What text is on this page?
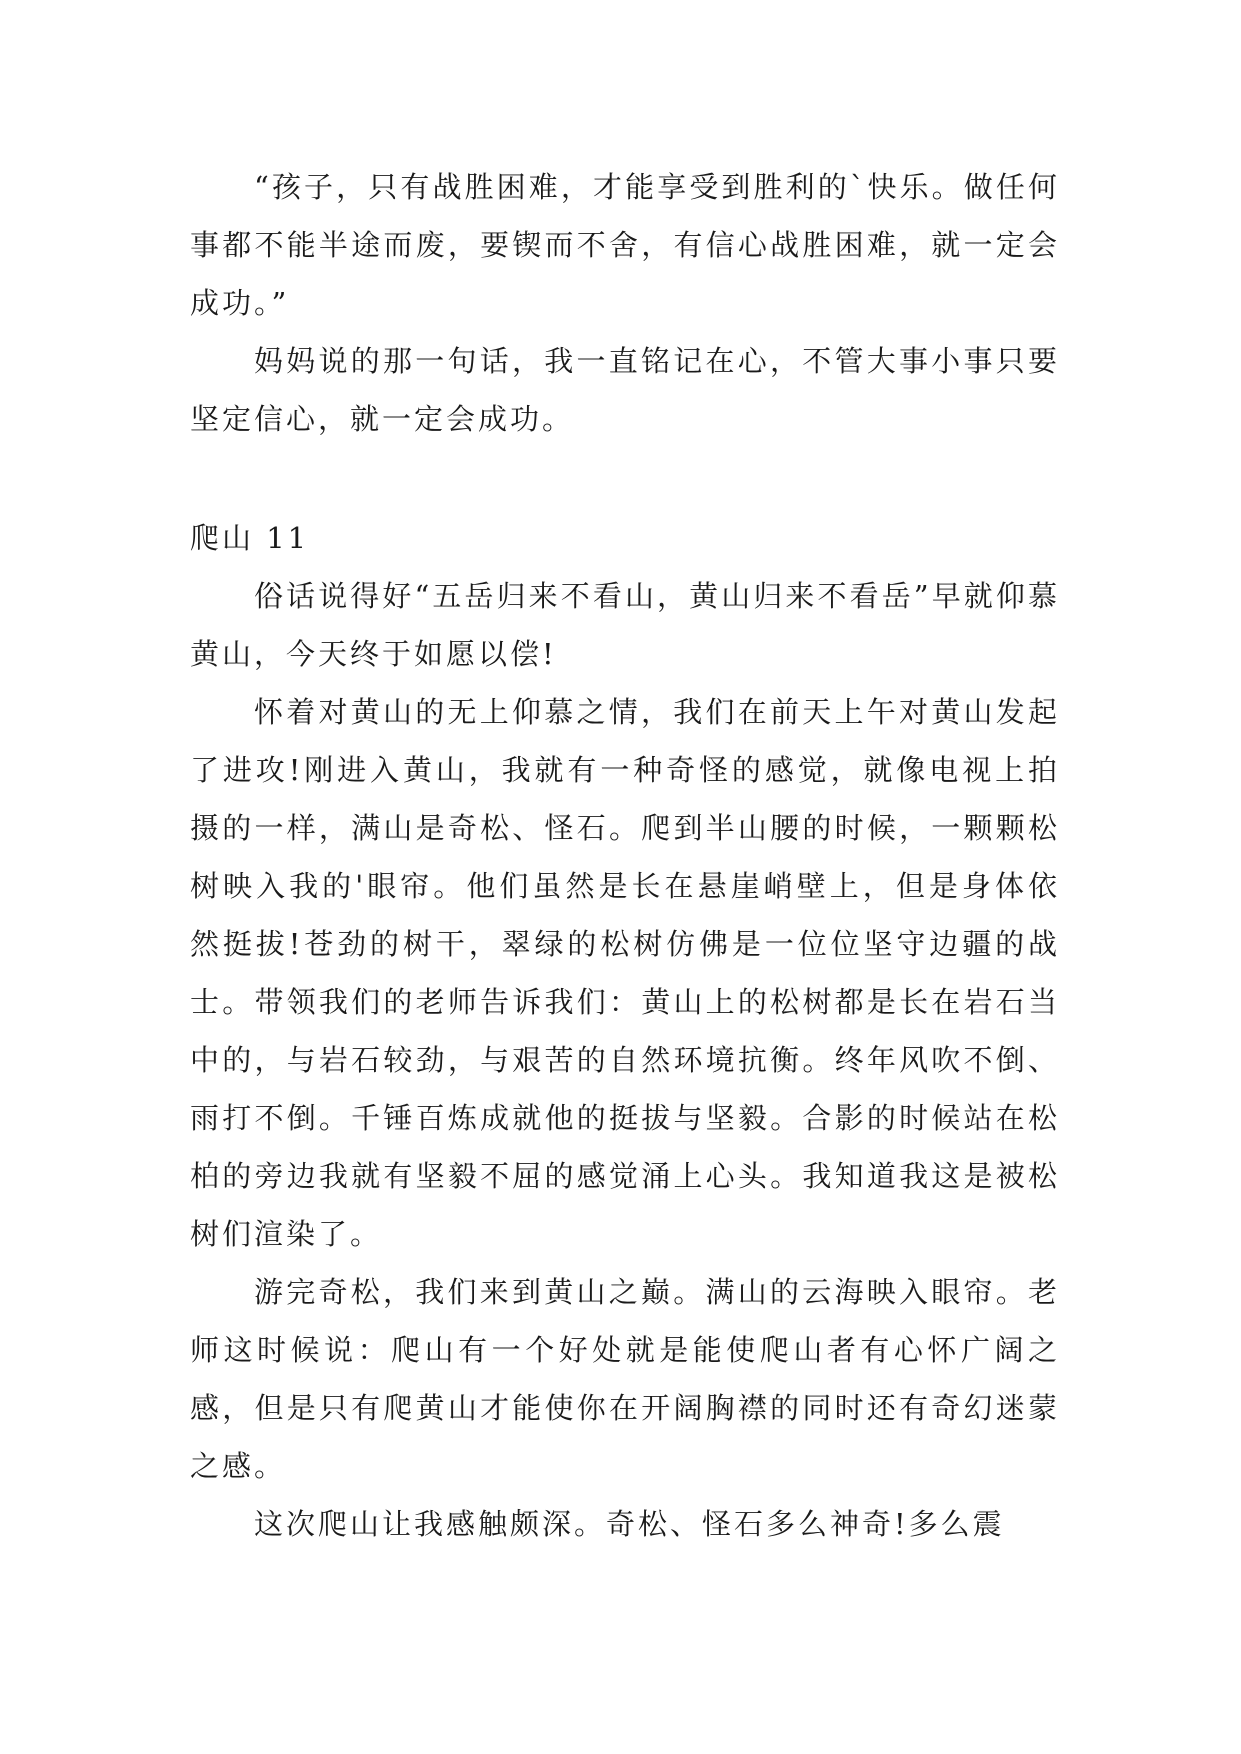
“孩子，只有战胜困难，才能享受到胜利的`快乐。做任何事都不能半途而废，要锲而不舍，有信心战胜困难，就一定会成功。”

妈妈说的那一句话，我一直铭记在心，不管大事小事只要坚定信心，就一定会成功。

爬山 11

俗话说得好“五岳归来不看山，黄山归来不看岳”早就仰慕黄山，今天终于如愿以偿!

怀着对黄山的无上仰慕之情，我们在前天上午对黄山发起了进攻!刚进入黄山，我就有一种奇怪的感觉，就像电视上拍摄的一样，满山是奇松、怪石。爬到半山腰的时候，一颗颗松树映入我的'眼帘。他们虽然是长在悬崖峭壁上，但是身体依然挺拔!苍劲的树干，翠绿的松树仿佛是一位位坚守边疆的战士。带领我们的老师告诉我们：黄山上的松树都是长在岩石当中的，与岩石较劲，与艰苦的自然环境抗衡。终年风吹不倒、雨打不倒。千锤百炼成就他的挺拔与坚毅。合影的时候站在松柏的旁边我就有坚毅不屈的感觉涌上心头。我知道我这是被松树们渲染了。

游完奇松，我们来到黄山之巅。满山的云海映入眼帘。老师这时候说：爬山有一个好处就是能使爬山者有心怀广阔之感，但是只有爬黄山才能使你在开阔胸襟的同时还有奇幻迷蒙之感。

这次爬山让我感触颇深。奇松、怪石多么神奇!多么震
